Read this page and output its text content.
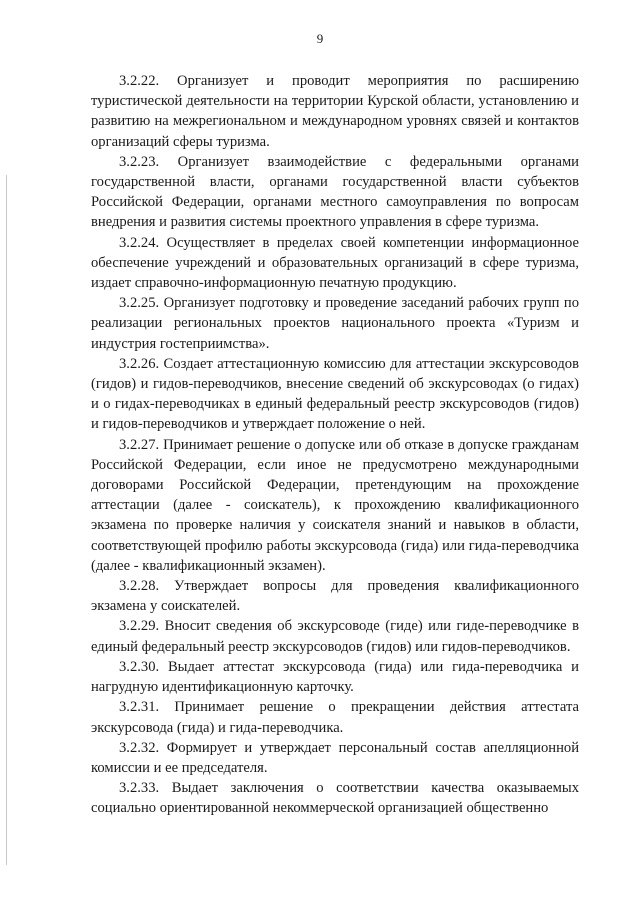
9

3.2.22. Организует и проводит мероприятия по расширению туристической деятельности на территории Курской области, установлению и развитию на межрегиональном и международном уровнях связей и контактов организаций сферы туризма.

3.2.23. Организует взаимодействие с федеральными органами государственной власти, органами государственной власти субъектов Российской Федерации, органами местного самоуправления по вопросам внедрения и развития системы проектного управления в сфере туризма.

3.2.24. Осуществляет в пределах своей компетенции информационное обеспечение учреждений и образовательных организаций в сфере туризма, издает справочно-информационную печатную продукцию.

3.2.25. Организует подготовку и проведение заседаний рабочих групп по реализации региональных проектов национального проекта «Туризм и индустрия гостеприимства».

3.2.26. Создает аттестационную комиссию для аттестации экскурсоводов (гидов) и гидов-переводчиков, внесение сведений об экскурсоводах (о гидах) и о гидах-переводчиках в единый федеральный реестр экскурсоводов (гидов) и гидов-переводчиков и утверждает положение о ней.

3.2.27. Принимает решение о допуске или об отказе в допуске гражданам Российской Федерации, если иное не предусмотрено международными договорами Российской Федерации, претендующим на прохождение аттестации (далее - соискатель), к прохождению квалификационного экзамена по проверке наличия у соискателя знаний и навыков в области, соответствующей профилю работы экскурсовода (гида) или гида-переводчика (далее - квалификационный экзамен).

3.2.28. Утверждает вопросы для проведения квалификационного экзамена у соискателей.

3.2.29. Вносит сведения об экскурсоводе (гиде) или гиде-переводчике в единый федеральный реестр экскурсоводов (гидов) или гидов-переводчиков.

3.2.30. Выдает аттестат экскурсовода (гида) или гида-переводчика и нагрудную идентификационную карточку.

3.2.31. Принимает решение о прекращении действия аттестата экскурсовода (гида) и гида-переводчика.

3.2.32. Формирует и утверждает персональный состав апелляционной комиссии и ее председателя.

3.2.33. Выдает заключения о соответствии качества оказываемых социально ориентированной некоммерческой организацией общественно
